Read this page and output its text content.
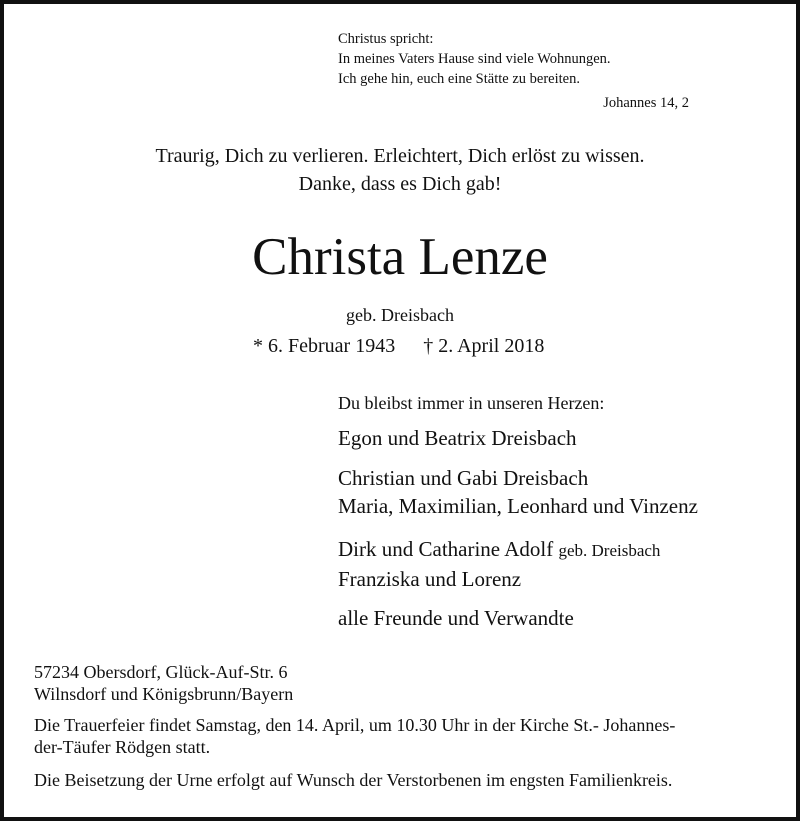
Christus spricht:
In meines Vaters Hause sind viele Wohnungen.
Ich gehe hin, euch eine Stätte zu bereiten.
Johannes 14, 2
Traurig, Dich zu verlieren. Erleichtert, Dich erlöst zu wissen.
Danke, dass es Dich gab!
Christa Lenze
geb. Dreisbach
* 6. Februar 1943 † 2. April 2018
Du bleibst immer in unseren Herzen:
Egon und Beatrix Dreisbach
Christian und Gabi Dreisbach
Maria, Maximilian, Leonhard und Vinzenz
Dirk und Catharine Adolf geb. Dreisbach
Franziska und Lorenz
alle Freunde und Verwandte
57234 Obersdorf, Glück-Auf-Str. 6
Wilnsdorf und Königsbrunn/Bayern
Die Trauerfeier findet Samstag, den 14. April, um 10.30 Uhr in der Kirche St.- Johannes-
der-Täufer Rödgen statt.
Die Beisetzung der Urne erfolgt auf Wunsch der Verstorbenen im engsten Familienkreis.
